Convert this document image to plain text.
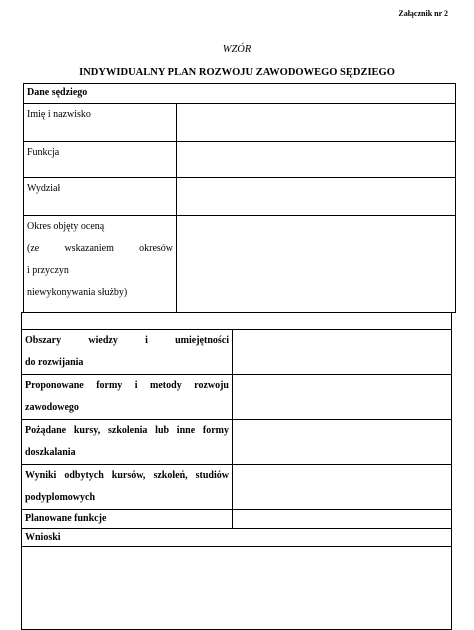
Załącznik nr 2
WZÓR
INDYWIDUALNY PLAN ROZWOJU ZAWODOWEGO SĘDZIEGO
Dane sędziego	

Imię i nazwisko	

Funkcja	

Wydział	

Okres objęty oceną
(ze wskazaniem okresów
i przyczyn
niewykonywania służby)	

Obszary wiedzy i umiejętności
do rozwijania	

Proponowane formy i metody rozwoju
zawodowego	

Pożądane kursy, szkolenia lub inne formy
doszkalania	

Wyniki odbytych kursów, szkoleń, studiów
podyplomowych	

Planowane funkcje	

Wnioski	
